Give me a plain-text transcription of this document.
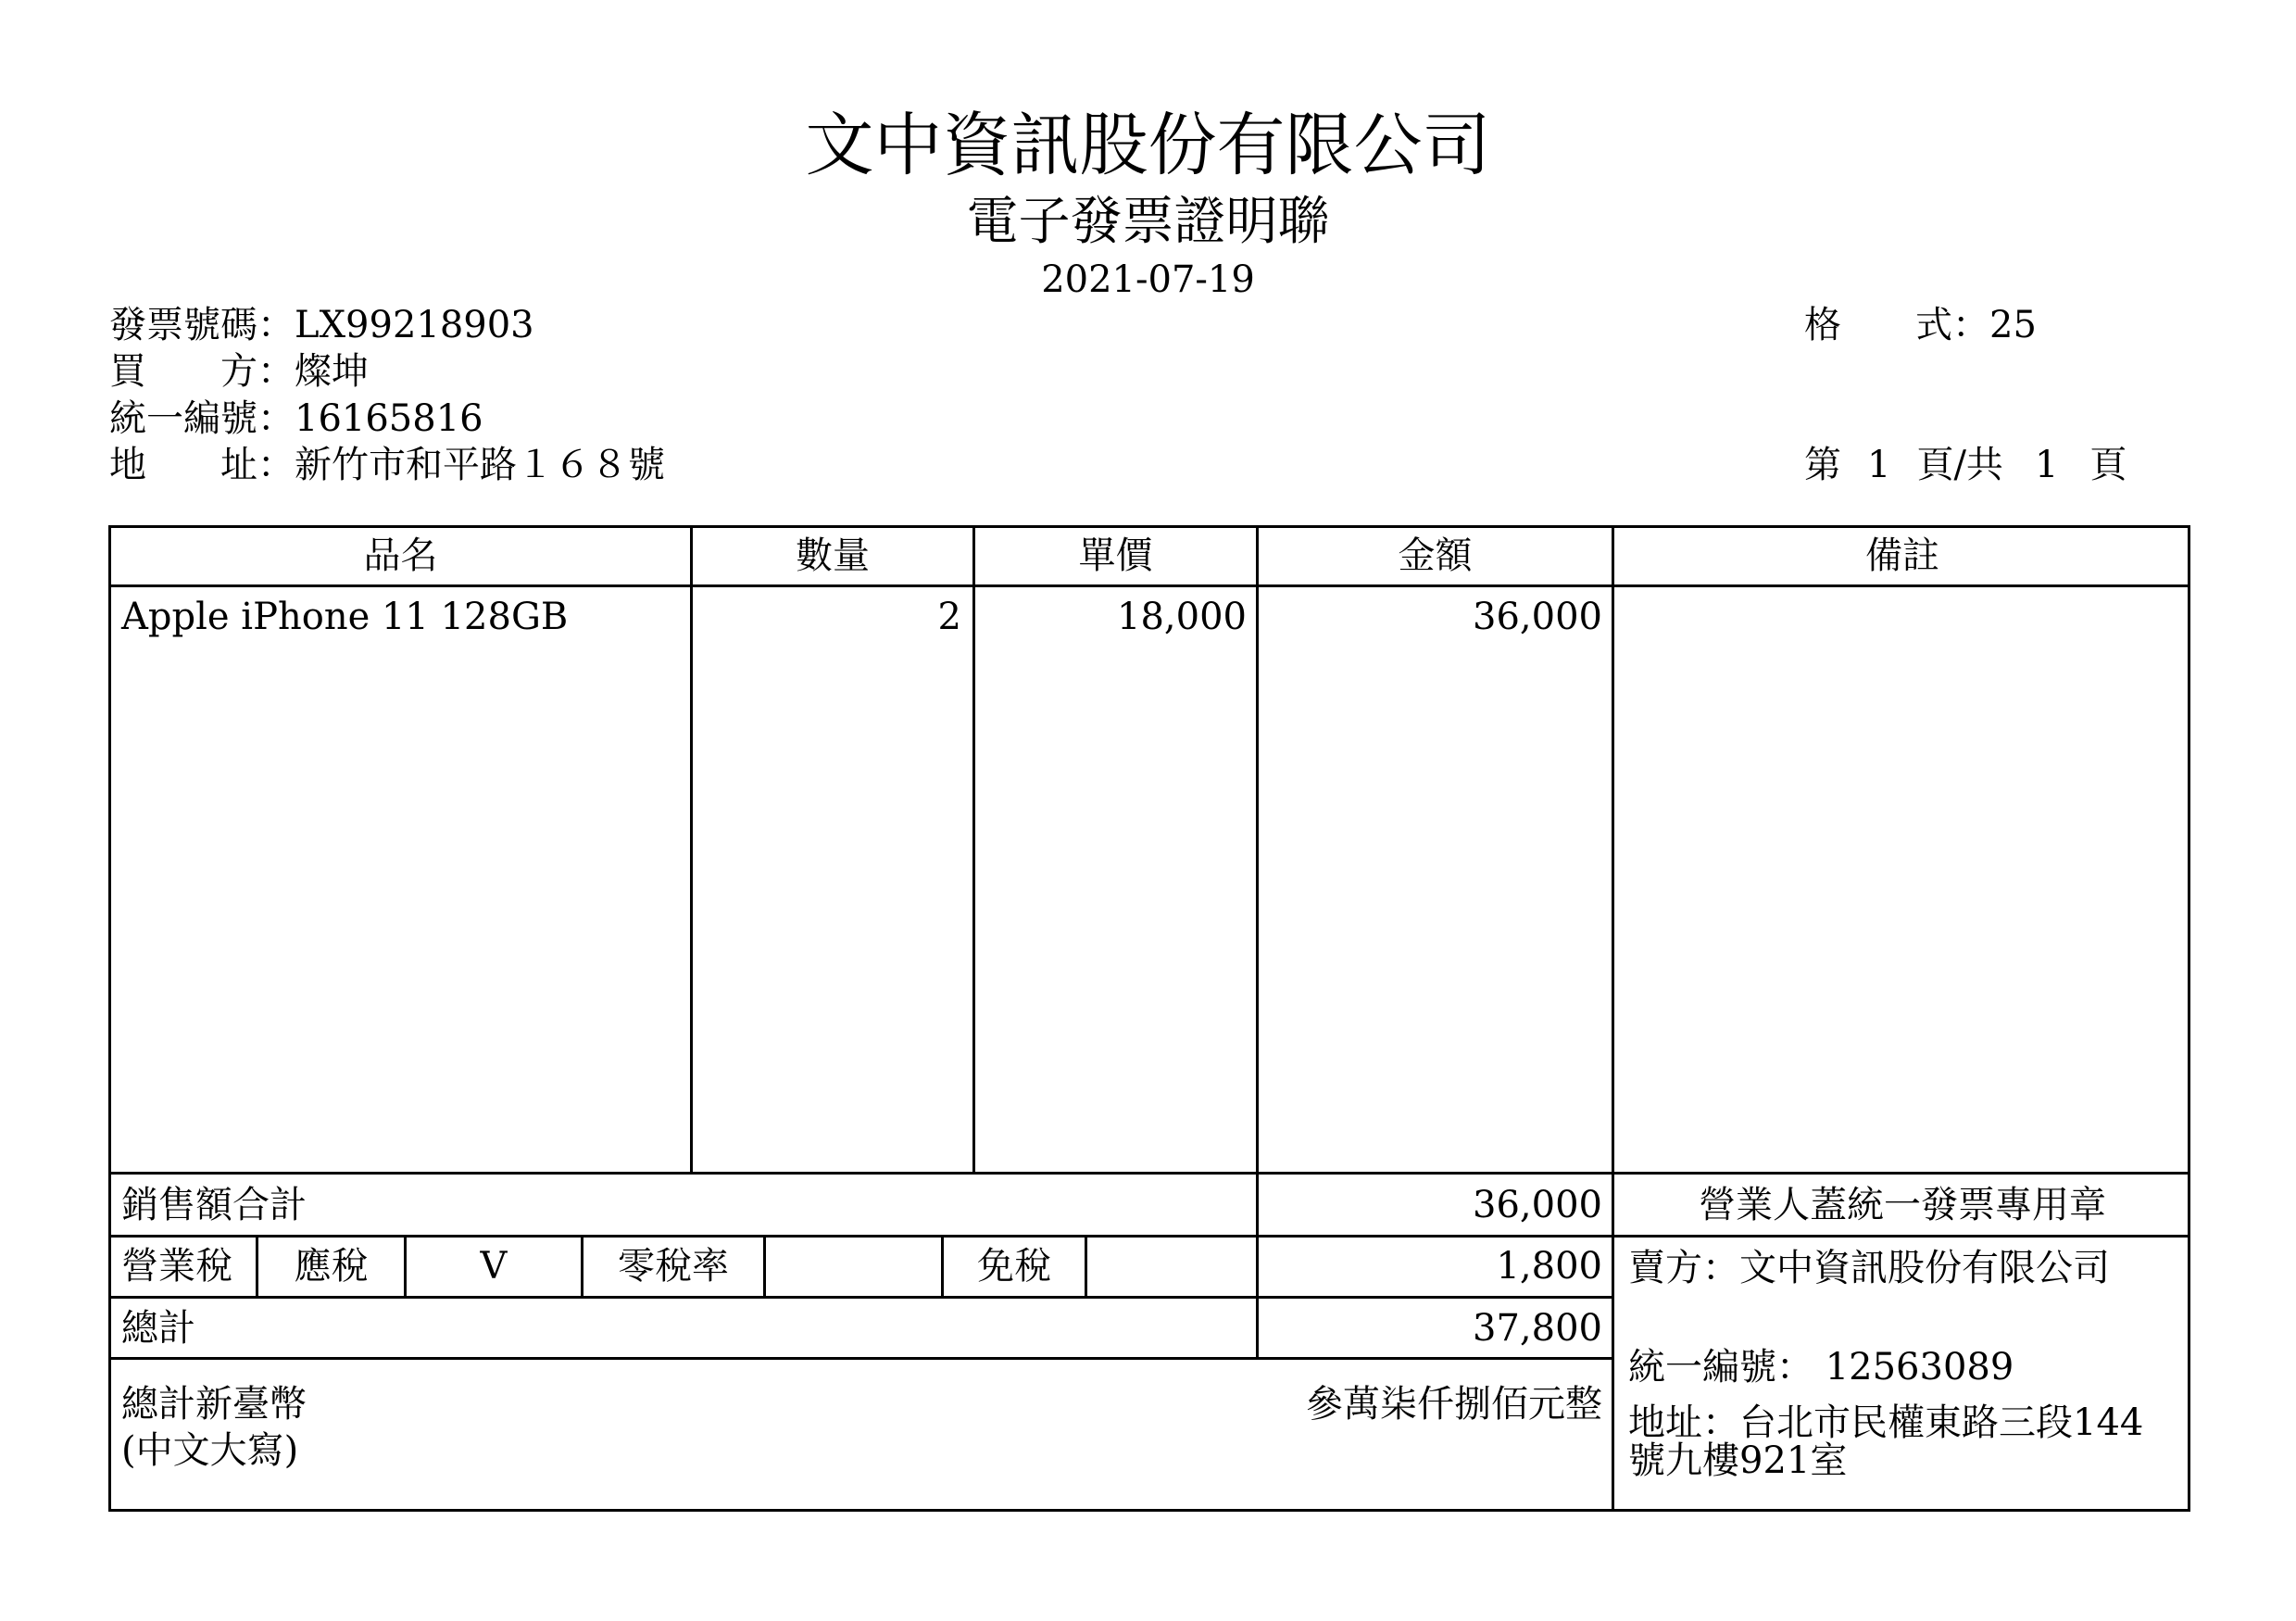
文中資訊股份有限公司
電子發票證明聯
2021-07-19
發票號碼：LX99218903
買　　方：燦坤
統一編號：16165816
地　　址：新竹市和平路１６８號
格　　式：25
第 1 頁/共 1 頁
品名	數量	單價	金額	備註
Apple iPhone 11 128GB	2	18,000	36,000
銷售額合計	36,000	營業人蓋統一發票專用章
營業稅	應稅	V	零稅率	免稅	1,800
總計	37,800
總計新臺幣
(中文大寫)
參萬柒仟捌佰元整
賣方：文中資訊股份有限公司
統一編號： 12563089
地址：台北市民權東路三段144
號九樓921室
